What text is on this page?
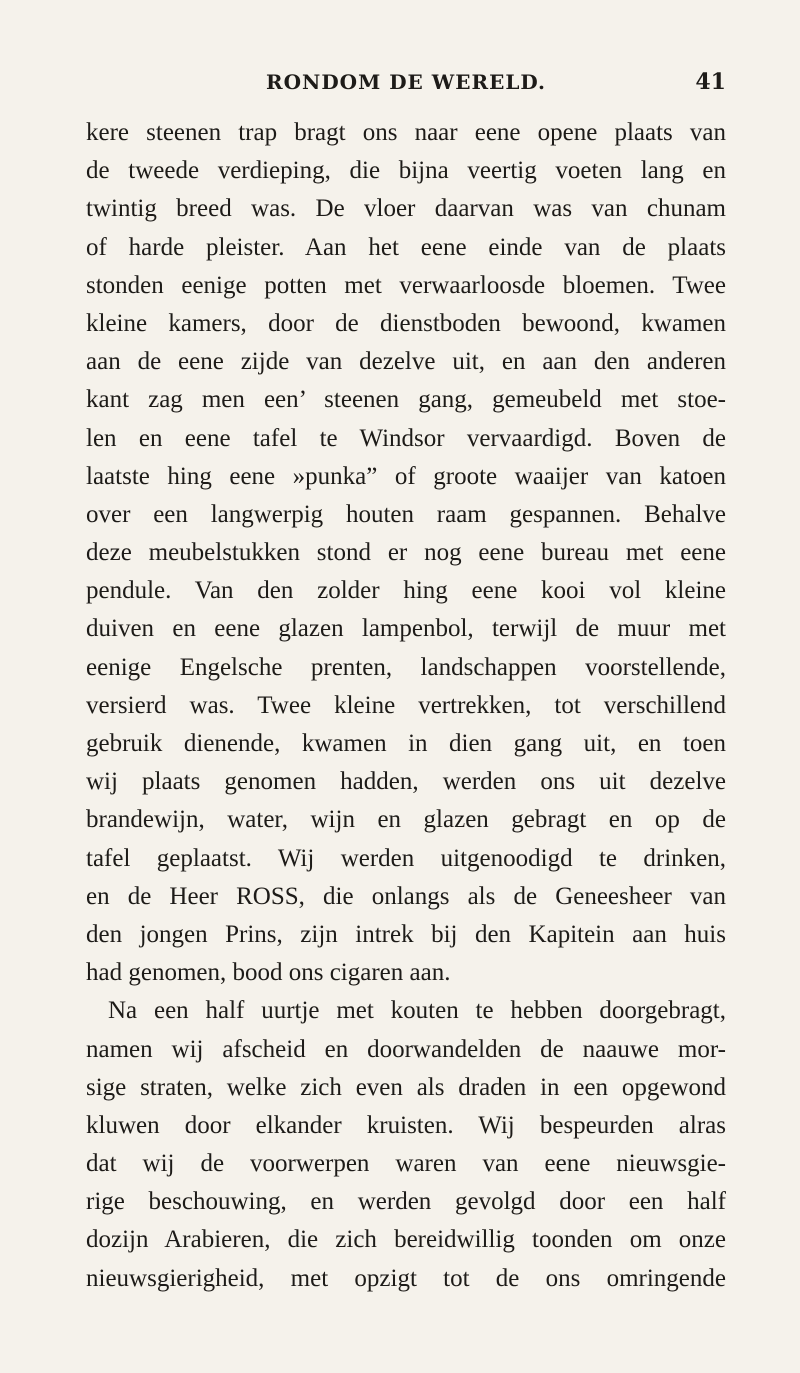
RONDOM DE WERELD.	41
kere steenen trap bragt ons naar eene opene plaats van
de tweede verdieping, die bijna veertig voeten lang en
twintig breed was. De vloer daarvan was van chunam
of harde pleister. Aan het eene einde van de plaats
stonden eenige potten met verwaarloosde bloemen. Twee
kleine kamers, door de dienstboden bewoond, kwamen
aan de eene zijde van dezelve uit, en aan den anderen
kant zag men een’ steenen gang, gemeubeld met stoe-
len en eene tafel te Windsor vervaardigd. Boven de
laatste hing eene »punka” of groote waaijer van katoen
over een langwerpig houten raam gespannen. Behalve
deze meubelstukken stond er nog eene bureau met eene
pendule. Van den zolder hing eene kooi vol kleine
duiven en eene glazen lampenbol, terwijl de muur met
eenige Engelsche prenten, landschappen voorstellende,
versierd was. Twee kleine vertrekken, tot verschillend
gebruik dienende, kwamen in dien gang uit, en toen
wij plaats genomen hadden, werden ons uit dezelve
brandewijn, water, wijn en glazen gebragt en op de
tafel geplaatst. Wij werden uitgenoodigd te drinken,
en de Heer ROSS, die onlangs als de Geneesheer van
den jongen Prins, zijn intrek bij den Kapitein aan huis
had genomen, bood ons cigaren aan.
Na een half uurtje met kouten te hebben doorgebragt,
namen wij afscheid en doorwandelden de naauwe mor-
sige straten, welke zich even als draden in een opgewond
kluwen door elkander kruisten. Wij bespeurden alras
dat wij de voorwerpen waren van eene nieuwsgie-
rige beschouwing, en werden gevolgd door een half
dozijn Arabieren, die zich bereidwillig toonden om onze
nieuwsgierigheid, met opzigt tot de ons omringende
